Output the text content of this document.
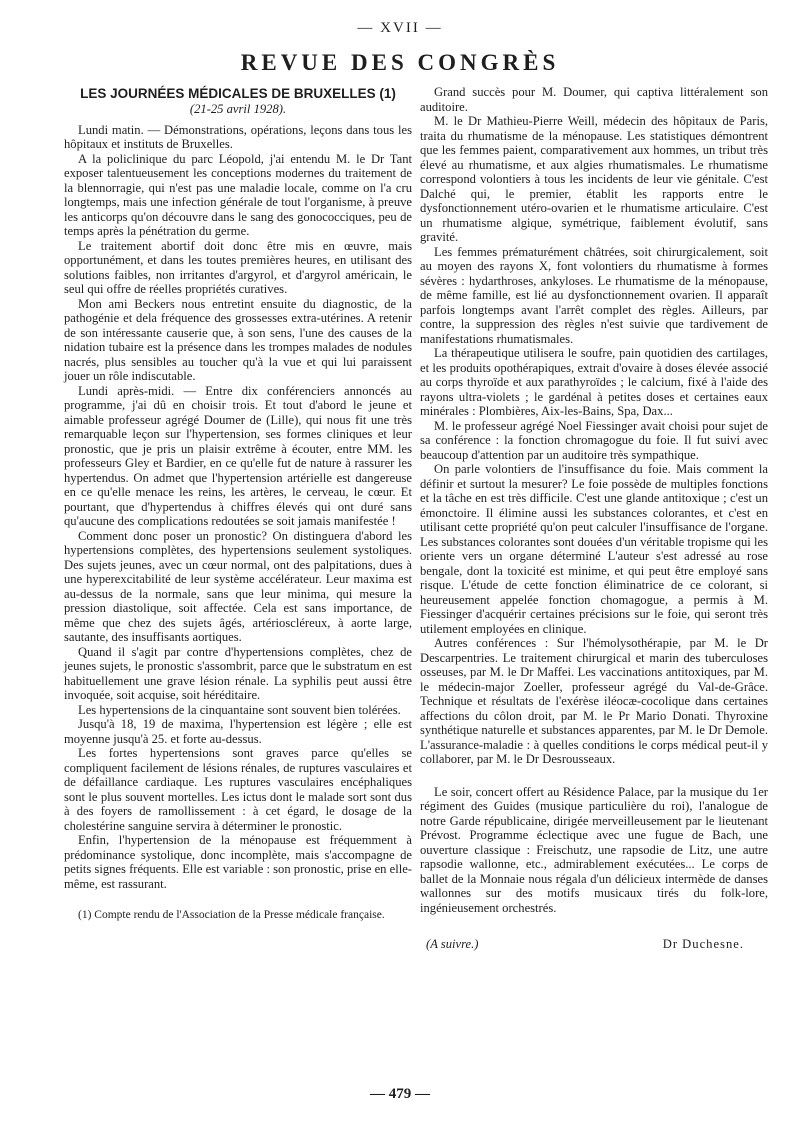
— XVII —
REVUE DES CONGRÈS
LES JOURNÉES MÉDICALES DE BRUXELLES (1)
(21-25 avril 1928).

Lundi matin. — Démonstrations, opérations, leçons dans tous les hôpitaux et instituts de Bruxelles.

A la policlinique du parc Léopold, j'ai entendu M. le Dr Tant exposer talentueusement les conceptions modernes du traitement de la blennorragie, qui n'est pas une maladie locale, comme on l'a cru longtemps, mais une infection générale de tout l'organisme, à preuve les anticorps qu'on découvre dans le sang des gonococciques, peu de temps après la pénétration du germe.

Le traitement abortif doit donc être mis en œuvre, mais opportunément, et dans les toutes premières heures, en utilisant des solutions faibles, non irritantes d'argyrol, et d'argyrol américain, le seul qui offre de réelles propriétés curatives.

Mon ami Beckers nous entretint ensuite du diagnostic, de la pathogénie et dela fréquence des grossesses extra-utérines. A retenir de son intéressante causerie que, à son sens, l'une des causes de la nidation tubaire est la présence dans les trompes malades de nodules nacrés, plus sensibles au toucher qu'à la vue et qui lui paraissent jouer un rôle indiscutable.

Lundi après-midi. — Entre dix conférenciers annoncés au programme, j'ai dû en choisir trois. Et tout d'abord le jeune et aimable professeur agrégé Doumer de (Lille), qui nous fit une très remarquable leçon sur l'hypertension, ses formes cliniques et leur pronostic, que je pris un plaisir extrême à écouter, entre MM. les professeurs Gley et Bardier, en ce qu'elle fut de nature à rassurer les hypertendus. On admet que l'hypertension artérielle est dangereuse en ce qu'elle menace les reins, les artères, le cerveau, le cœur. Et pourtant, que d'hypertendus à chiffres élevés qui ont duré sans qu'aucune des complications redoutées se soit jamais manifestée !

Comment donc poser un pronostic? On distinguera d'abord les hypertensions complètes, des hypertensions seulement systoliques. Des sujets jeunes, avec un cœur normal, ont des palpitations, dues à une hyperexcitabilité de leur système accélérateur. Leur maxima est au-dessus de la normale, sans que leur minima, qui mesure la pression diastolique, soit affectée. Cela est sans importance, de même que chez des sujets âgés, artérioscléreux, à aorte large, sautante, des insuffisants aortiques.

Quand il s'agit par contre d'hypertensions complètes, chez de jeunes sujets, le pronostic s'assombrit, parce que le substratum en est habituellement une grave lésion rénale. La syphilis peut aussi être invoquée, soit acquise, soit héréditaire.

Les hypertensions de la cinquantaine sont souvent bien tolérées.

Jusqu'à 18, 19 de maxima, l'hypertension est légère ; elle est moyenne jusqu'à 25. et forte au-dessus.

Les fortes hypertensions sont graves parce qu'elles se compliquent facilement de lésions rénales, de ruptures vasculaires et de défaillance cardiaque. Les ruptures vasculaires encéphaliques sont le plus souvent mortelles. Les ictus dont le malade sort sont dus à des foyers de ramollissement : à cet égard, le dosage de la cholestérine sanguine servira à déterminer le pronostic.

Enfin, l'hypertension de la ménopause est fréquemment à prédominance systolique, donc incomplète, mais s'accompagne de petits signes fréquents. Elle est variable : son pronostic, prise en elle-même, est rassurant.

(1) Compte rendu de l'Association de la Presse médicale française.

Grand succès pour M. Doumer, qui captiva littéralement son auditoire.

M. le Dr Mathieu-Pierre Weill, médecin des hôpitaux de Paris, traita du rhumatisme de la ménopause. Les statistiques démontrent que les femmes paient, comparativement aux hommes, un tribut très élevé au rhumatisme, et aux algies rhumatismales. Le rhumatisme correspond volontiers à tous les incidents de leur vie génitale. C'est Dalché qui, le premier, établit les rapports entre le dysfonctionnement utéro-ovarien et le rhumatisme articulaire. C'est un rhumatisme algique, symétrique, faiblement évolutif, sans gravité.

Les femmes prématurément châtrées, soit chirurgicalement, soit au moyen des rayons X, font volontiers du rhumatisme à formes sévères : hydarthroses, ankyloses. Le rhumatisme de la ménopause, de même famille, est lié au dysfonctionnement ovarien. Il apparaît parfois longtemps avant l'arrêt complet des règles. Ailleurs, par contre, la suppression des règles n'est suivie que tardivement de manifestations rhumatismales.

La thérapeutique utilisera le soufre, pain quotidien des cartilages, et les produits opothérapiques, extrait d'ovaire à doses élevée associé au corps thyroïde et aux parathyroïdes ; le calcium, fixé à l'aide des rayons ultra-violets ; le gardénal à petites doses et certaines eaux minérales : Plombières, Aix-les-Bains, Spa, Dax...

M. le professeur agrégé Noel Fiessinger avait choisi pour sujet de sa conférence : la fonction chromagogue du foie. Il fut suivi avec beaucoup d'attention par un auditoire très sympathique.

On parle volontiers de l'insuffisance du foie. Mais comment la définir et surtout la mesurer? Le foie possède de multiples fonctions et la tâche en est très difficile. C'est une glande antitoxique ; c'est un émonctoire. Il élimine aussi les substances colorantes, et c'est en utilisant cette propriété qu'on peut calculer l'insuffisance de l'organe. Les substances colorantes sont douées d'un véritable tropisme qui les oriente vers un organe déterminé L'auteur s'est adressé au rose bengale, dont la toxicité est minime, et qui peut être employé sans risque. L'étude de cette fonction éliminatrice de ce colorant, si heureusement appelée fonction chomagogue, a permis à M. Fiessinger d'acquérir certaines précisions sur le foie, qui seront très utilement employées en clinique.

Autres conférences : Sur l'hémolysothérapie, par M. le Dr Descarpentries. Le traitement chirurgical et marin des tuberculoses osseuses, par M. le Dr Maffei. Les vaccinations antitoxiques, par M. le médecin-major Zoeller, professeur agrégé du Val-de-Grâce. Technique et résultats de l'exérèse iléocæ-cocolique dans certaines affections du côlon droit, par M. le Pr Mario Donati. Thyroxine synthétique naturelle et substances apparentes, par M. le Dr Demole. L'assurance-maladie : à quelles conditions le corps médical peut-il y collaborer, par M. le Dr Desrousseaux.

Le soir, concert offert au Résidence Palace, par la musique du 1er régiment des Guides (musique particulière du roi), l'analogue de notre Garde républicaine, dirigée merveilleusement par le lieutenant Prévost. Programme éclectique avec une fugue de Bach, une ouverture classique : Freischutz, une rapsodie de Litz, une autre rapsodie wallonne, etc., admirablement exécutées... Le corps de ballet de la Monnaie nous régala d'un délicieux intermède de danses wallonnes sur des motifs musicaux tirés du folk-lore, ingénieusement orchestrés.

(A suivre.)	Dr Duchesne.
— 479 —
